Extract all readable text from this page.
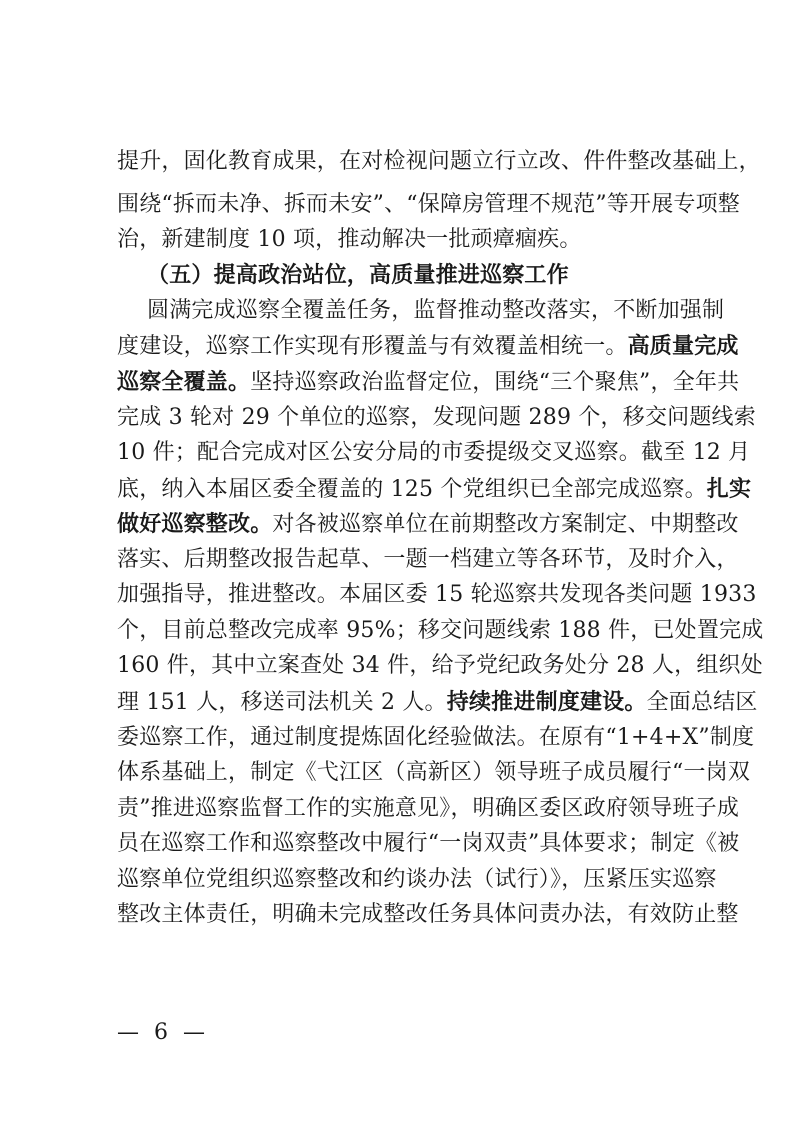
提升，固化教育成果，在对检视问题立行立改、件件整改基础上，
围绕“拆而未净、拆而未安”、“保障房管理不规范”等开展专项整
治，新建制度 10 项，推动解决一批顽瘴痼疾。
（五）提高政治站位，高质量推进巡察工作
圆满完成巡察全覆盖任务，监督推动整改落实，不断加强制
度建设，巡察工作实现有形覆盖与有效覆盖相统一。高质量完成
巡察全覆盖。坚持巡察政治监督定位，围绕“三个聚焦”，全年共
完成 3 轮对 29 个单位的巡察，发现问题 289 个，移交问题线索
10 件；配合完成对区公安分局的市委提级交叉巡察。截至 12 月
底，纳入本届区委全覆盖的 125 个党组织已全部完成巡察。扎实
做好巡察整改。对各被巡察单位在前期整改方案制定、中期整改
落实、后期整改报告起草、一题一档建立等各环节，及时介入，
加强指导，推进整改。本届区委 15 轮巡察共发现各类问题 1933
个，目前总整改完成率 95%；移交问题线索 188 件，已处置完成
160 件，其中立案查处 34 件，给予党纪政务处分 28 人，组织处
理 151 人，移送司法机关 2 人。持续推进制度建设。全面总结区
委巡察工作，通过制度提炼固化经验做法。在原有“1+4+X”制度
体系基础上，制定《弋江区（高新区）领导班子成员履行“一岗双
责”推进巡察监督工作的实施意见》，明确区委区政府领导班子成
员在巡察工作和巡察整改中履行“一岗双责”具体要求；制定《被
巡察单位党组织巡察整改和约谈办法（试行）》，压紧压实巡察
整改主体责任，明确未完成整改任务具体问责办法，有效防止整
— 6 —
